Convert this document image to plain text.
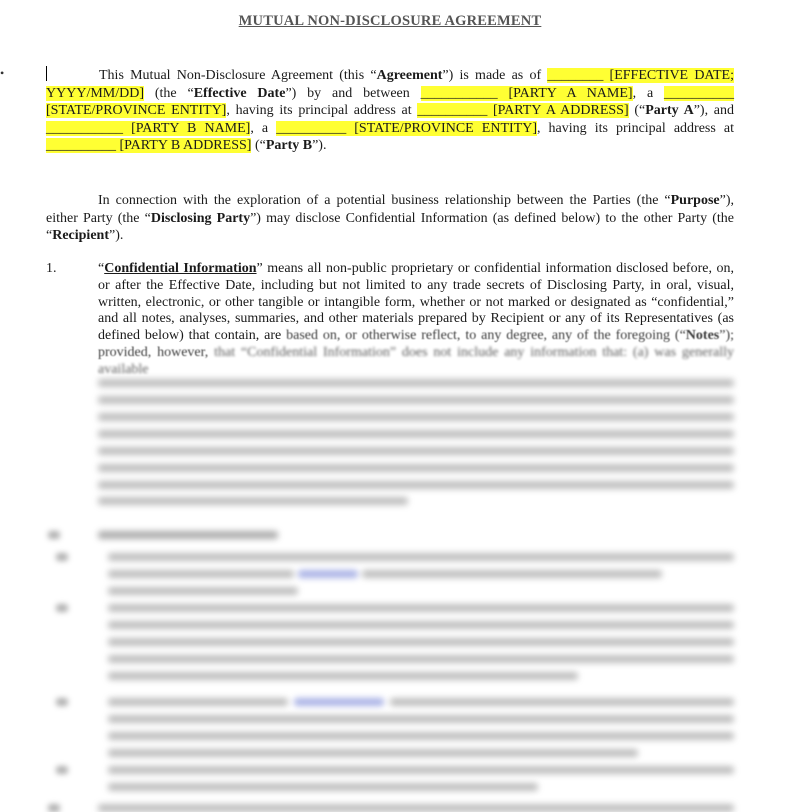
MUTUAL NON-DISCLOSURE AGREEMENT
•	This Mutual Non-Disclosure Agreement (this “Agreement”) is made as of ________ [EFFECTIVE DATE; YYYY/MM/DD] (the “Effective Date”) by and between ___________ [PARTY A NAME], a __________ [STATE/PROVINCE ENTITY], having its principal address at __________ [PARTY A ADDRESS] (“Party A”), and ___________ [PARTY B NAME], a __________ [STATE/PROVINCE ENTITY], having its principal address at __________ [PARTY B ADDRESS] (“Party B”).
In connection with the exploration of a potential business relationship between the Parties (the “Purpose”), either Party (the “Disclosing Party”) may disclose Confidential Information (as defined below) to the other Party (the “Recipient”).
1.	“Confidential Information” means all non-public proprietary or confidential information disclosed before, on, or after the Effective Date, including but not limited to any trade secrets of Disclosing Party, in oral, visual, written, electronic, or other tangible or intangible form, whether or not marked or designated as “confidential,” and all notes, analyses, summaries, and other materials prepared by Recipient or any of its Representatives (as defined below) that contain, are based on, or otherwise reflect, to any degree, any of the foregoing (“Notes”); provided, however, that “Confidential Information” does not include any information that: (a) was generally available
